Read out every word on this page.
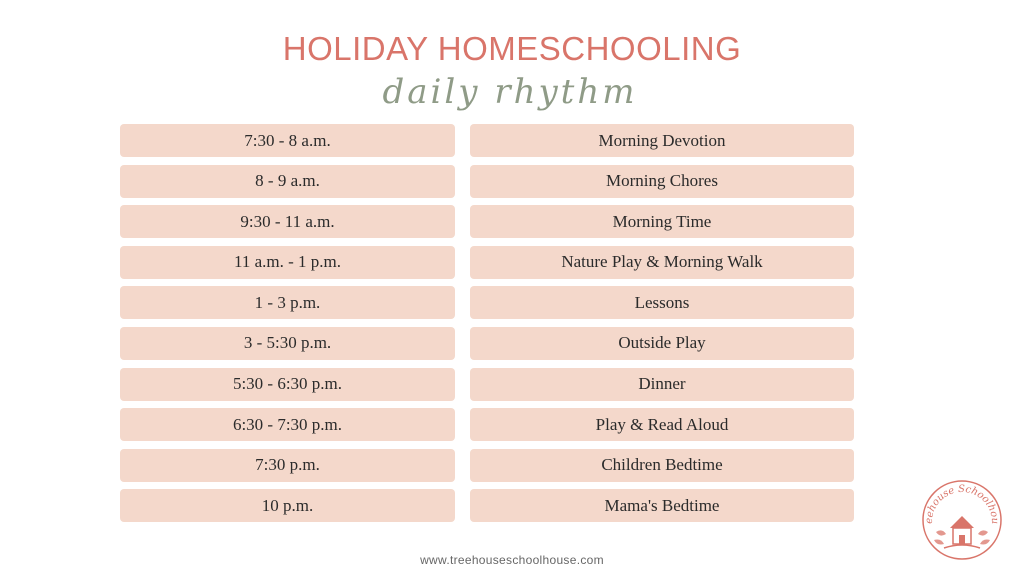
HOLIDAY HOMESCHOOLING
daily rhythm
7:30 - 8 a.m.	Morning Devotion
8 - 9 a.m.	Morning Chores
9:30 - 11 a.m.	Morning Time
11 a.m. - 1 p.m.	Nature Play & Morning Walk
1 - 3 p.m.	Lessons
3 - 5:30 p.m.	Outside Play
5:30 - 6:30 p.m.	Dinner
6:30 - 7:30 p.m.	Play & Read Aloud
7:30 p.m.	Children Bedtime
10 p.m.	Mama's Bedtime
www.treehouseschoolhouse.com
eehouse Schoolhou
